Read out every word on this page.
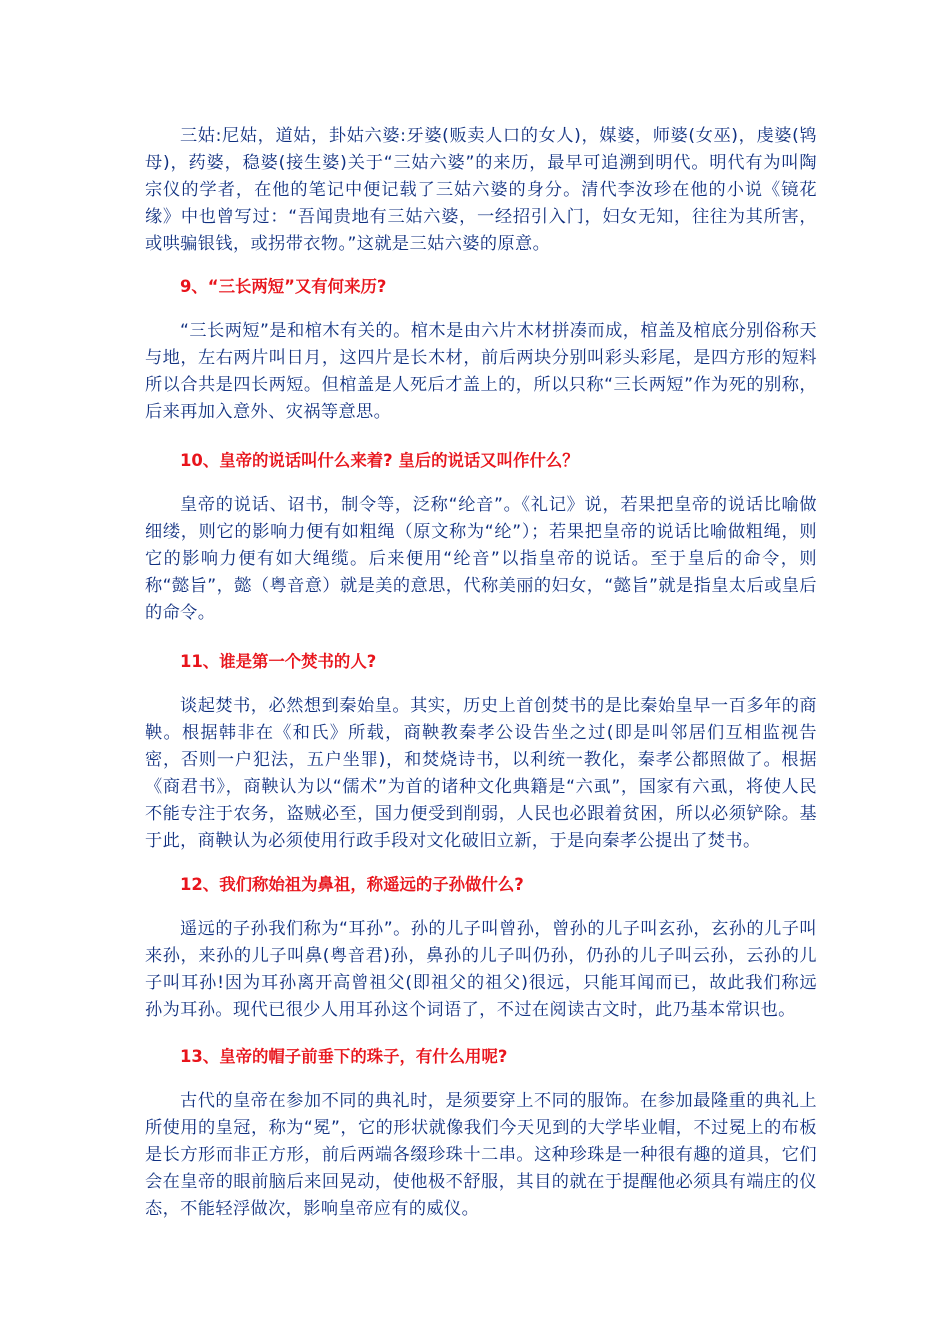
三姑:尼姑，道姑，卦姑六婆:牙婆(贩卖人口的女人)，媒婆，师婆(女巫)，虔婆(鸨母)，药婆，稳婆(接生婆)关于“三姑六婆”的来历，最早可追溯到明代。明代有为叫陶宗仪的学者，在他的笔记中便记载了三姑六婆的身分。清代李汝珍在他的小说《镜花缘》中也曾写过：“吾闻贵地有三姑六婆，一经招引入门，妇女无知，往往为其所害，或哄骗银钱，或拐带衣物。”这就是三姑六婆的原意。

9、“三长两短”又有何来历?

“三长两短”是和棺木有关的。棺木是由六片木材拼凑而成，棺盖及棺底分别俗称天与地，左右两片叫日月，这四片是长木材，前后两块分别叫彩头彩尾，是四方形的短料所以合共是四长两短。但棺盖是人死后才盖上的，所以只称“三长两短”作为死的别称，后来再加入意外、灾祸等意思。

10、皇帝的说话叫什么来着? 皇后的说话又叫作什么？

皇帝的说话、诏书，制令等，泛称“纶音”。《礼记》说，若果把皇帝的说话比喻做细缕，则它的影响力便有如粗绳（原文称为“纶”）；若果把皇帝的说话比喻做粗绳，则它的影响力便有如大绳缆。后来便用“纶音”以指皇帝的说话。至于皇后的命令，则称“懿旨”，懿（粤音意）就是美的意思，代称美丽的妇女，“懿旨”就是指皇太后或皇后的命令。

11、谁是第一个焚书的人?

谈起焚书，必然想到秦始皇。其实，历史上首创焚书的是比秦始皇早一百多年的商鞅。根据韩非在《和氏》所载，商鞅教秦孝公设告坐之过(即是叫邻居们互相监视告密，否则一户犯法，五户坐罪)，和焚烧诗书，以利统一教化，秦孝公都照做了。根据《商君书》，商鞅认为以“儒术”为首的诸种文化典籍是“六虱”，国家有六虱，将使人民不能专注于农务，盗贼必至，国力便受到削弱，人民也必跟着贫困，所以必须铲除。基于此，商鞅认为必须使用行政手段对文化破旧立新，于是向秦孝公提出了焚书。

12、我们称始祖为鼻祖，称遥远的子孙做什么?

遥远的子孙我们称为“耳孙”。孙的儿子叫曾孙，曾孙的儿子叫玄孙，玄孙的儿子叫来孙，来孙的儿子叫鼻(粤音君)孙，鼻孙的儿子叫仍孙，仍孙的儿子叫云孙，云孙的儿子叫耳孙!因为耳孙离开高曾祖父(即祖父的祖父)很远，只能耳闻而已，故此我们称远孙为耳孙。现代已很少人用耳孙这个词语了，不过在阅读古文时，此乃基本常识也。

13、皇帝的帽子前垂下的珠子，有什么用呢?

古代的皇帝在参加不同的典礼时，是须要穿上不同的服饰。在参加最隆重的典礼上所使用的皇冠，称为“冕”，它的形状就像我们今天见到的大学毕业帽，不过冕上的布板是长方形而非正方形，前后两端各缀珍珠十二串。这种珍珠是一种很有趣的道具，它们会在皇帝的眼前脑后来回晃动，使他极不舒服，其目的就在于提醒他必须具有端庄的仪态，不能轻浮做次，影响皇帝应有的威仪。
